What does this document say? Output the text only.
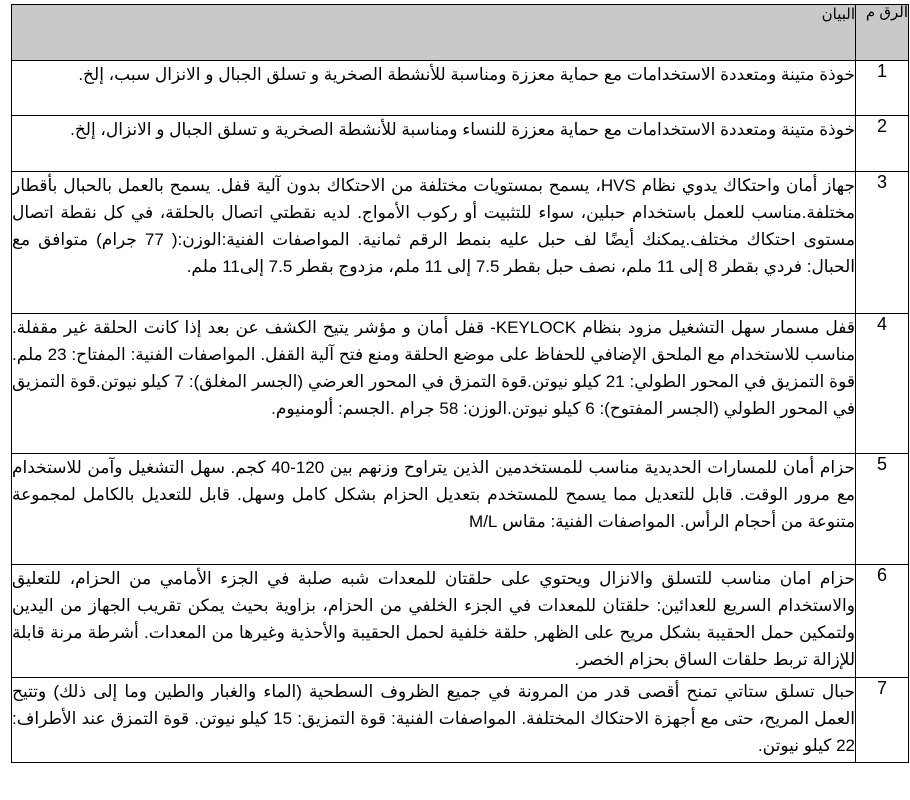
الرق م	البيان
1	خوذة متينة ومتعددة الاستخدامات مع حماية معززة ومناسبة للأنشطة الصخرية و تسلق الجبال و الانزال سبب، إلخ.
2	خوذة متينة ومتعددة الاستخدامات مع حماية معززة للنساء ومناسبة للأنشطة الصخرية و تسلق الجبال و الانزال، إلخ.
3	جهاز أمان واحتكاك يدوي نظام HVS، يسمح بمستويات مختلفة من الاحتكاك بدون آلية قفل. يسمح بالعمل بالحبال بأقطار مختلفة.مناسب للعمل باستخدام حبلين، سواء للتثبيت أو ركوب الأمواج. لديه نقطتي اتصال بالحلقة، في كل نقطة اتصال مستوى احتكاك مختلف.يمكنك أيضًا لف حبل عليه بنمط الرقم ثمانية. المواصفات الفنية:الوزن:( 77 جرام) متوافق مع الحبال: فردي بقطر 8 إلى 11 ملم، نصف حبل بقطر 7.5 إلى 11 ملم، مزدوج بقطر 7.5 إلى11 ملم.
4	قفل مسمار سهل التشغيل مزود بنظام KEYLOCK- قفل أمان و مؤشر يتيح الكشف عن بعد إذا كانت الحلقة غير مقفلة. مناسب للاستخدام مع الملحق الإضافي للحفاظ على موضع الحلقة ومنع فتح آلية القفل. المواصفات الفنية: المفتاح: 23 ملم. قوة التمزيق في المحور الطولي: 21 كيلو نيوتن.قوة التمزق في المحور العرضي (الجسر المغلق): 7 كيلو نيوتن.قوة التمزيق في المحور الطولي (الجسر المفتوح): 6 كيلو نيوتن.الوزن: 58 جرام .الجسم: ألومنيوم.
5	حزام أمان للمسارات الحديدية مناسب للمستخدمين الذين يتراوح وزنهم بين 120-40 كجم. سهل التشغيل وآمن للاستخدام مع مرور الوقت. قابل للتعديل مما يسمح للمستخدم بتعديل الحزام بشكل كامل وسهل. قابل للتعديل بالكامل لمجموعة متنوعة من أحجام الرأس. المواصفات الفنية: مقاس M/L
6	حزام امان مناسب للتسلق والانزال ويحتوي على حلقتان للمعدات شبه صلبة في الجزء الأمامي من الحزام، للتعليق والاستخدام السريع للعدائين: حلقتان للمعدات في الجزء الخلفي من الحزام، بزاوية بحيث يمكن تقريب الجهاز من اليدين ولتمكين حمل الحقيبة بشكل مريح على الظهر, حلقة خلفية لحمل الحقيبة والأحذية وغيرها من المعدات. أشرطة مرنة قابلة للإزالة تربط حلقات الساق بحزام الخصر.
7	حبال تسلق ستاتي تمنح أقصى قدر من المرونة في جميع الظروف السطحية (الماء والغبار والطين وما إلى ذلك) وتتيح العمل المريح، حتى مع أجهزة الاحتكاك المختلفة. المواصفات الفنية: قوة التمزيق: 15 كيلو نيوتن. قوة التمزق عند الأطراف: 22 كيلو نيوتن.
